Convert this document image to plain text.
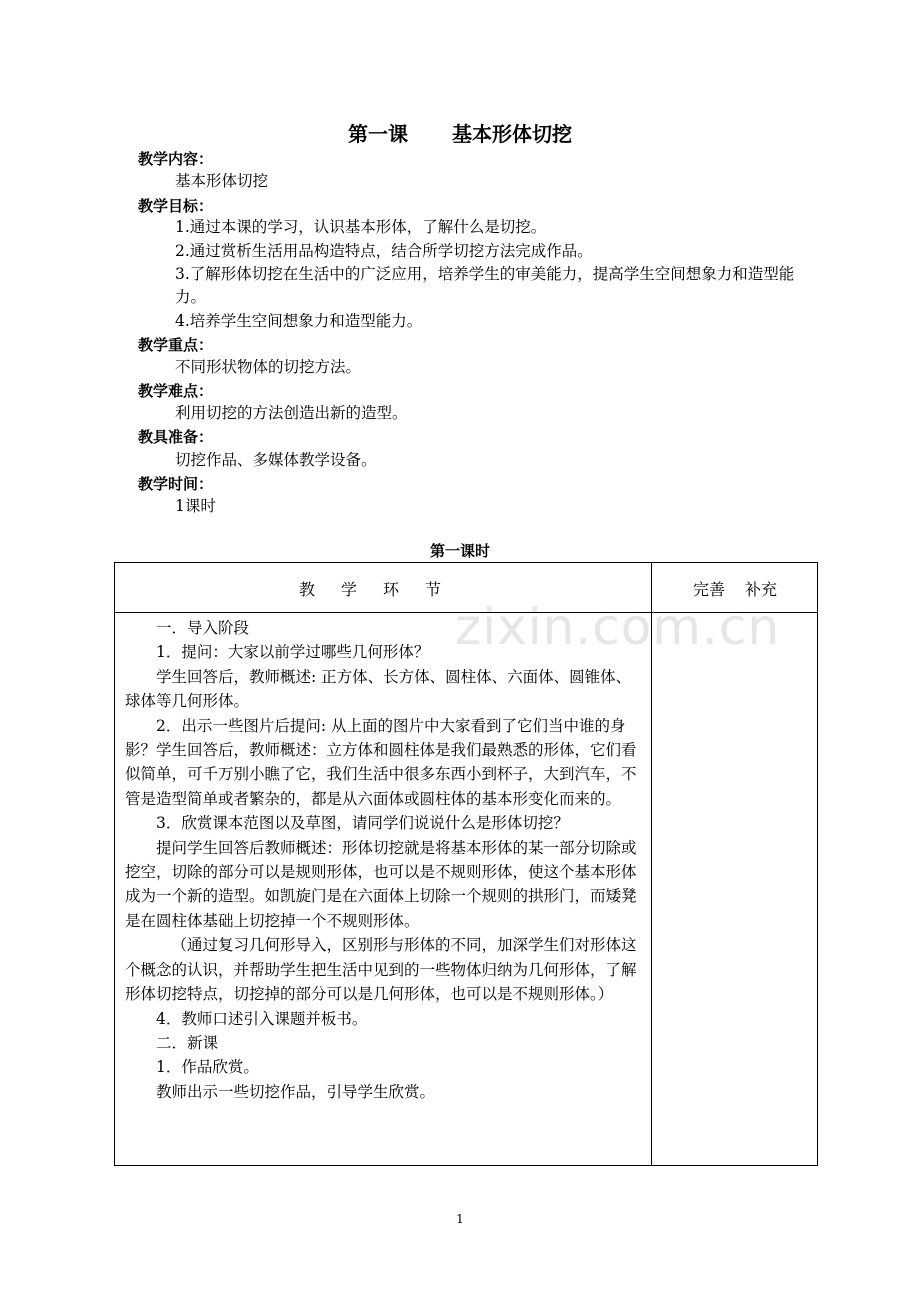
第一课 基本形体切挖
教学内容：
基本形体切挖
教学目标：
1.通过本课的学习，认识基本形体，了解什么是切挖。
2.通过赏析生活用品构造特点，结合所学切挖方法完成作品。
3.了解形体切挖在生活中的广泛应用，培养学生的审美能力，提高学生空间想象力和造型能力。
4.培养学生空间想象力和造型能力。
教学重点：
不同形状物体的切挖方法。
教学难点：
利用切挖的方法创造出新的造型。
教具准备：
切挖作品、多媒体教学设备。
教学时间：
1课时
第一课时
教学环节	完善 补充

一．导入阶段

1．提问：大家以前学过哪些几何形体？

学生回答后，教师概述: 正方体、长方体、圆柱体、六面体、圆锥体、球体等几何形体。

2．出示一些图片后提问: 从上面的图片中大家看到了它们当中谁的身影？学生回答后，教师概述：立方体和圆柱体是我们最熟悉的形体，它们看似简单，可千万别小瞧了它，我们生活中很多东西小到杯子，大到汽车，不管是造型简单或者繁杂的，都是从六面体或圆柱体的基本形变化而来的。

3．欣赏课本范图以及草图，请同学们说说什么是形体切挖？

提问学生回答后教师概述：形体切挖就是将基本形体的某一部分切除或挖空，切除的部分可以是规则形体，也可以是不规则形体，使这个基本形体成为一个新的造型。如凯旋门是在六面体上切除一个规则的拱形门，而矮凳是在圆柱体基础上切挖掉一个不规则形体。

（通过复习几何形导入，区别形与形体的不同，加深学生们对形体这个概念的认识，并帮助学生把生活中见到的一些物体归纳为几何形体，了解形体切挖特点，切挖掉的部分可以是几何形体，也可以是不规则形体。）

4．教师口述引入课题并板书。

二．新课

1．作品欣赏。

教师出示一些切挖作品，引导学生欣赏。

zixin.com.cn
1
